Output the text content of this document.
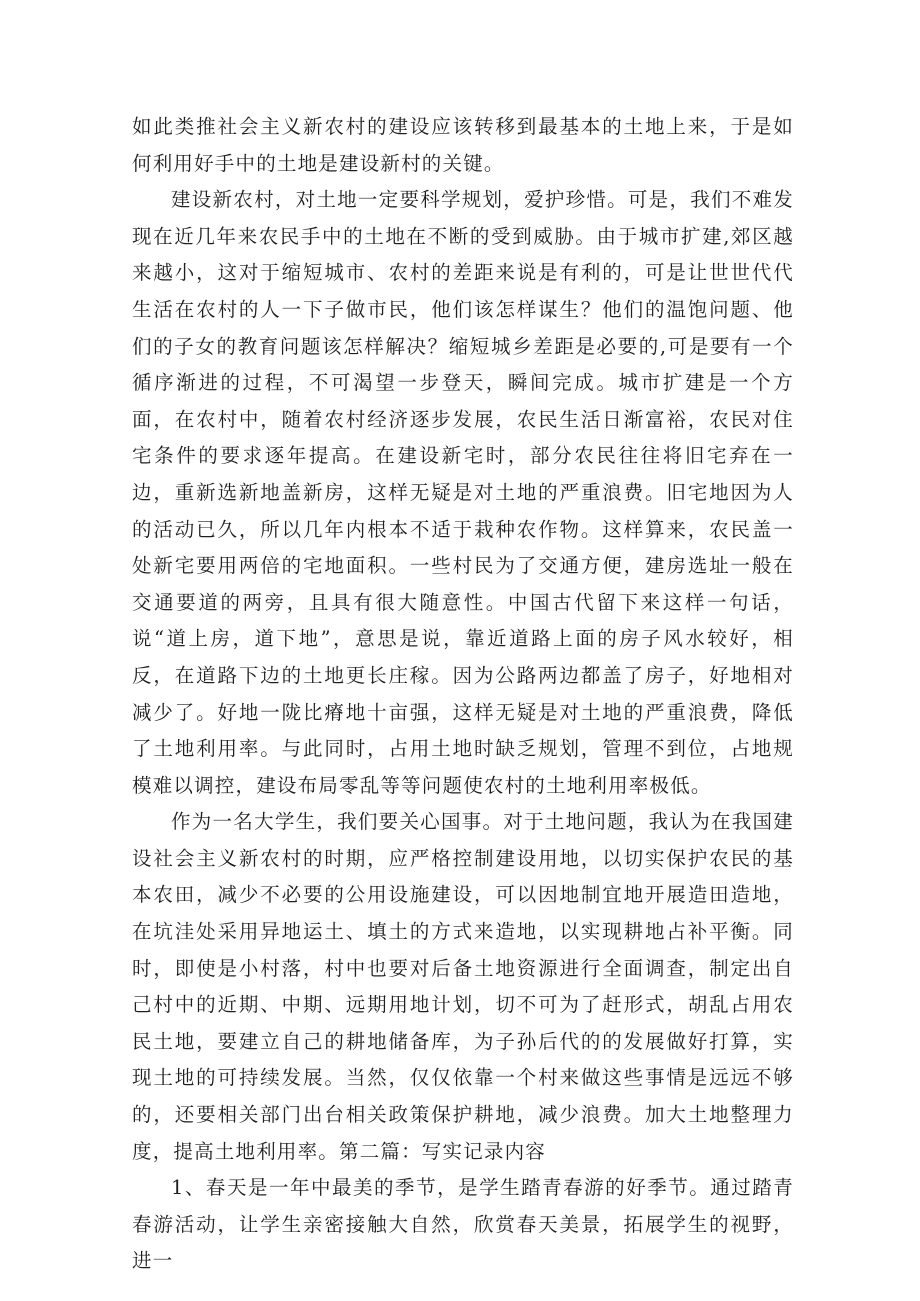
如此类推社会主义新农村的建设应该转移到最基本的土地上来，于是如何利用好手中的土地是建设新村的关键。

建设新农村，对土地一定要科学规划，爱护珍惜。可是，我们不难发现在近几年来农民手中的土地在不断的受到威胁。由于城市扩建,郊区越来越小，这对于缩短城市、农村的差距来说是有利的，可是让世世代代生活在农村的人一下子做市民，他们该怎样谋生？他们的温饱问题、他们的子女的教育问题该怎样解决？缩短城乡差距是必要的,可是要有一个循序渐进的过程，不可渴望一步登天，瞬间完成。城市扩建是一个方面，在农村中，随着农村经济逐步发展，农民生活日渐富裕，农民对住宅条件的要求逐年提高。在建设新宅时，部分农民往往将旧宅弃在一边，重新选新地盖新房，这样无疑是对土地的严重浪费。旧宅地因为人的活动已久，所以几年内根本不适于栽种农作物。这样算来，农民盖一处新宅要用两倍的宅地面积。一些村民为了交通方便，建房选址一般在交通要道的两旁，且具有很大随意性。中国古代留下来这样一句话，说“道上房，道下地”，意思是说，靠近道路上面的房子风水较好，相反，在道路下边的土地更长庄稼。因为公路两边都盖了房子，好地相对减少了。好地一陇比瘠地十亩强，这样无疑是对土地的严重浪费，降低了土地利用率。与此同时，占用土地时缺乏规划，管理不到位，占地规模难以调控，建设布局零乱等等问题使农村的土地利用率极低。

作为一名大学生，我们要关心国事。对于土地问题，我认为在我国建设社会主义新农村的时期，应严格控制建设用地，以切实保护农民的基本农田，减少不必要的公用设施建设，可以因地制宜地开展造田造地，在坑洼处采用异地运土、填土的方式来造地，以实现耕地占补平衡。同时，即使是小村落，村中也要对后备土地资源进行全面调查，制定出自己村中的近期、中期、远期用地计划，切不可为了赶形式，胡乱占用农民土地，要建立自己的耕地储备库，为子孙后代的的发展做好打算，实现土地的可持续发展。当然，仅仅依靠一个村来做这些事情是远远不够的，还要相关部门出台相关政策保护耕地，减少浪费。加大土地整理力度，提高土地利用率。第二篇：写实记录内容

1、春天是一年中最美的季节，是学生踏青春游的好季节。通过踏青春游活动，让学生亲密接触大自然，欣赏春天美景，拓展学生的视野，进一
